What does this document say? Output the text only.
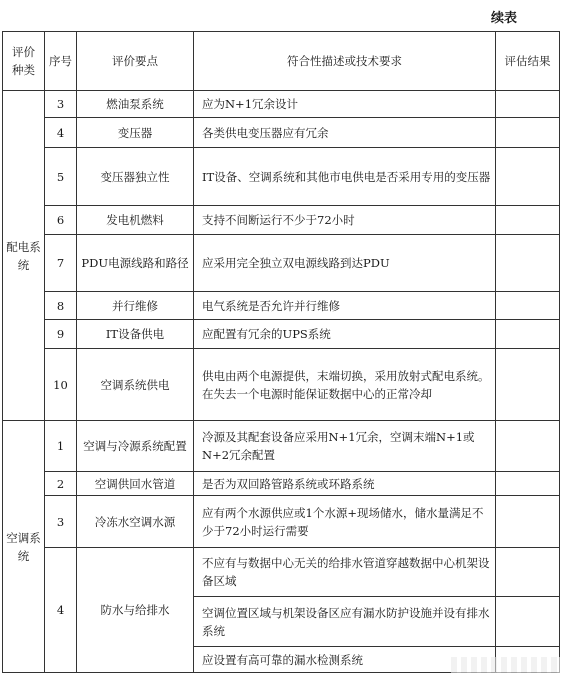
续表
评价种类	序号	评价要点	符合性描述或技术要求	评估结果
配电系统	3	燃油泵系统	应为N+1冗余设计	
	4	变压器	各类供电变压器应有冗余	
	5	变压器独立性	IT设备、空调系统和其他市电供电是否采用专用的变压器	
	6	发电机燃料	支持不间断运行不少于72小时	
	7	PDU电源线路和路径	应采用完全独立双电源线路到达PDU	
	8	并行维修	电气系统是否允许并行维修	
	9	IT设备供电	应配置有冗余的UPS系统	
	10	空调系统供电	供电由两个电源提供，末端切换，采用放射式配电系统。在失去一个电源时能保证数据中心的正常冷却	
空调系统	1	空调与冷源系统配置	冷源及其配套设备应采用N+1冗余，空调末端N+1或N+2冗余配置	
	2	空调供回水管道	是否为双回路管路系统或环路系统	
	3	冷冻水空调水源	应有两个水源供应或1个水源+现场储水，储水量满足不少于72小时运行需要	
	4	防水与给排水	不应有与数据中心无关的给排水管道穿越数据中心机架设备区域	
			空调位置区域与机架设备区应有漏水防护设施并设有排水系统	
			应设置有高可靠的漏水检测系统	
